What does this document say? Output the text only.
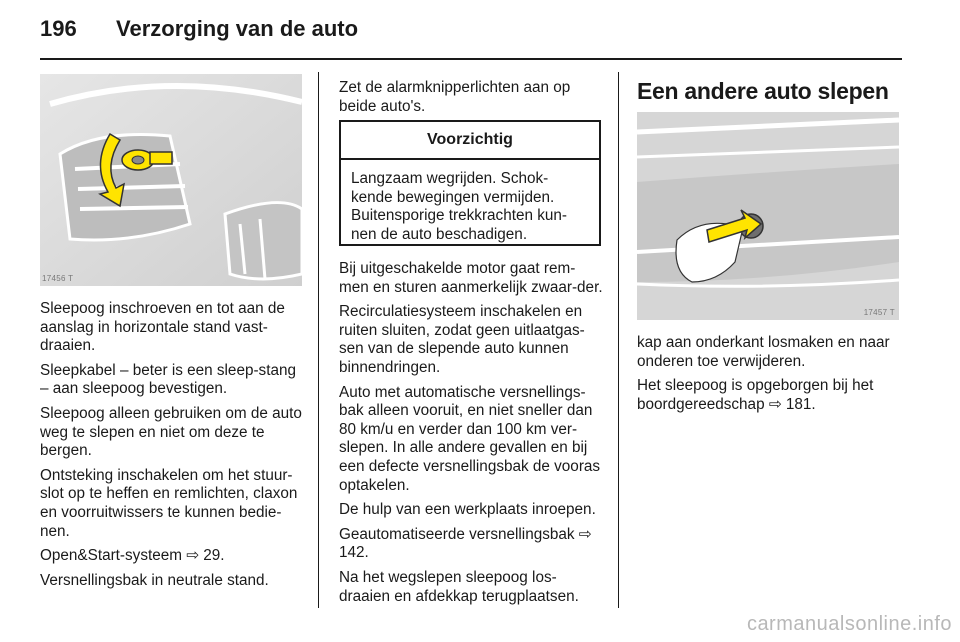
196 Verzorging van de auto
17456 T

Sleepoog inschroeven en tot aan de aanslag in horizontale stand vast-draaien.

Sleepkabel – beter is een sleep-stang – aan sleepoog bevestigen.

Sleepoog alleen gebruiken om de auto weg te slepen en niet om deze te bergen.

Ontsteking inschakelen om het stuur-slot op te heffen en remlichten, claxon en voorruitwissers te kunnen bedie-nen.

Open&Start-systeem ⇨ 29.

Versnellingsbak in neutrale stand.

Zet de alarmknipperlichten aan op beide auto's.

Voorzichtig
Langzaam wegrijden. Schok-kende bewegingen vermijden. Buitensporige trekkrachten kun-nen de auto beschadigen.

Bij uitgeschakelde motor gaat rem-men en sturen aanmerkelijk zwaar-der.

Recirculatiesysteem inschakelen en ruiten sluiten, zodat geen uitlaatgas-sen van de slepende auto kunnen binnendringen.

Auto met automatische versnellings-bak alleen vooruit, en niet sneller dan 80 km/u en verder dan 100 km ver-slepen. In alle andere gevallen en bij een defecte versnellingsbak de vooras optakelen.

De hulp van een werkplaats inroepen.

Geautomatiseerde versnellingsbak ⇨ 142.

Na het wegslepen sleepoog los-draaien en afdekkap terugplaatsen.

Een andere auto slepen
17457 T

kap aan onderkant losmaken en naar onderen toe verwijderen.

Het sleepoog is opgeborgen bij het boordgereedschap ⇨ 181.

carmanualsonline.info
